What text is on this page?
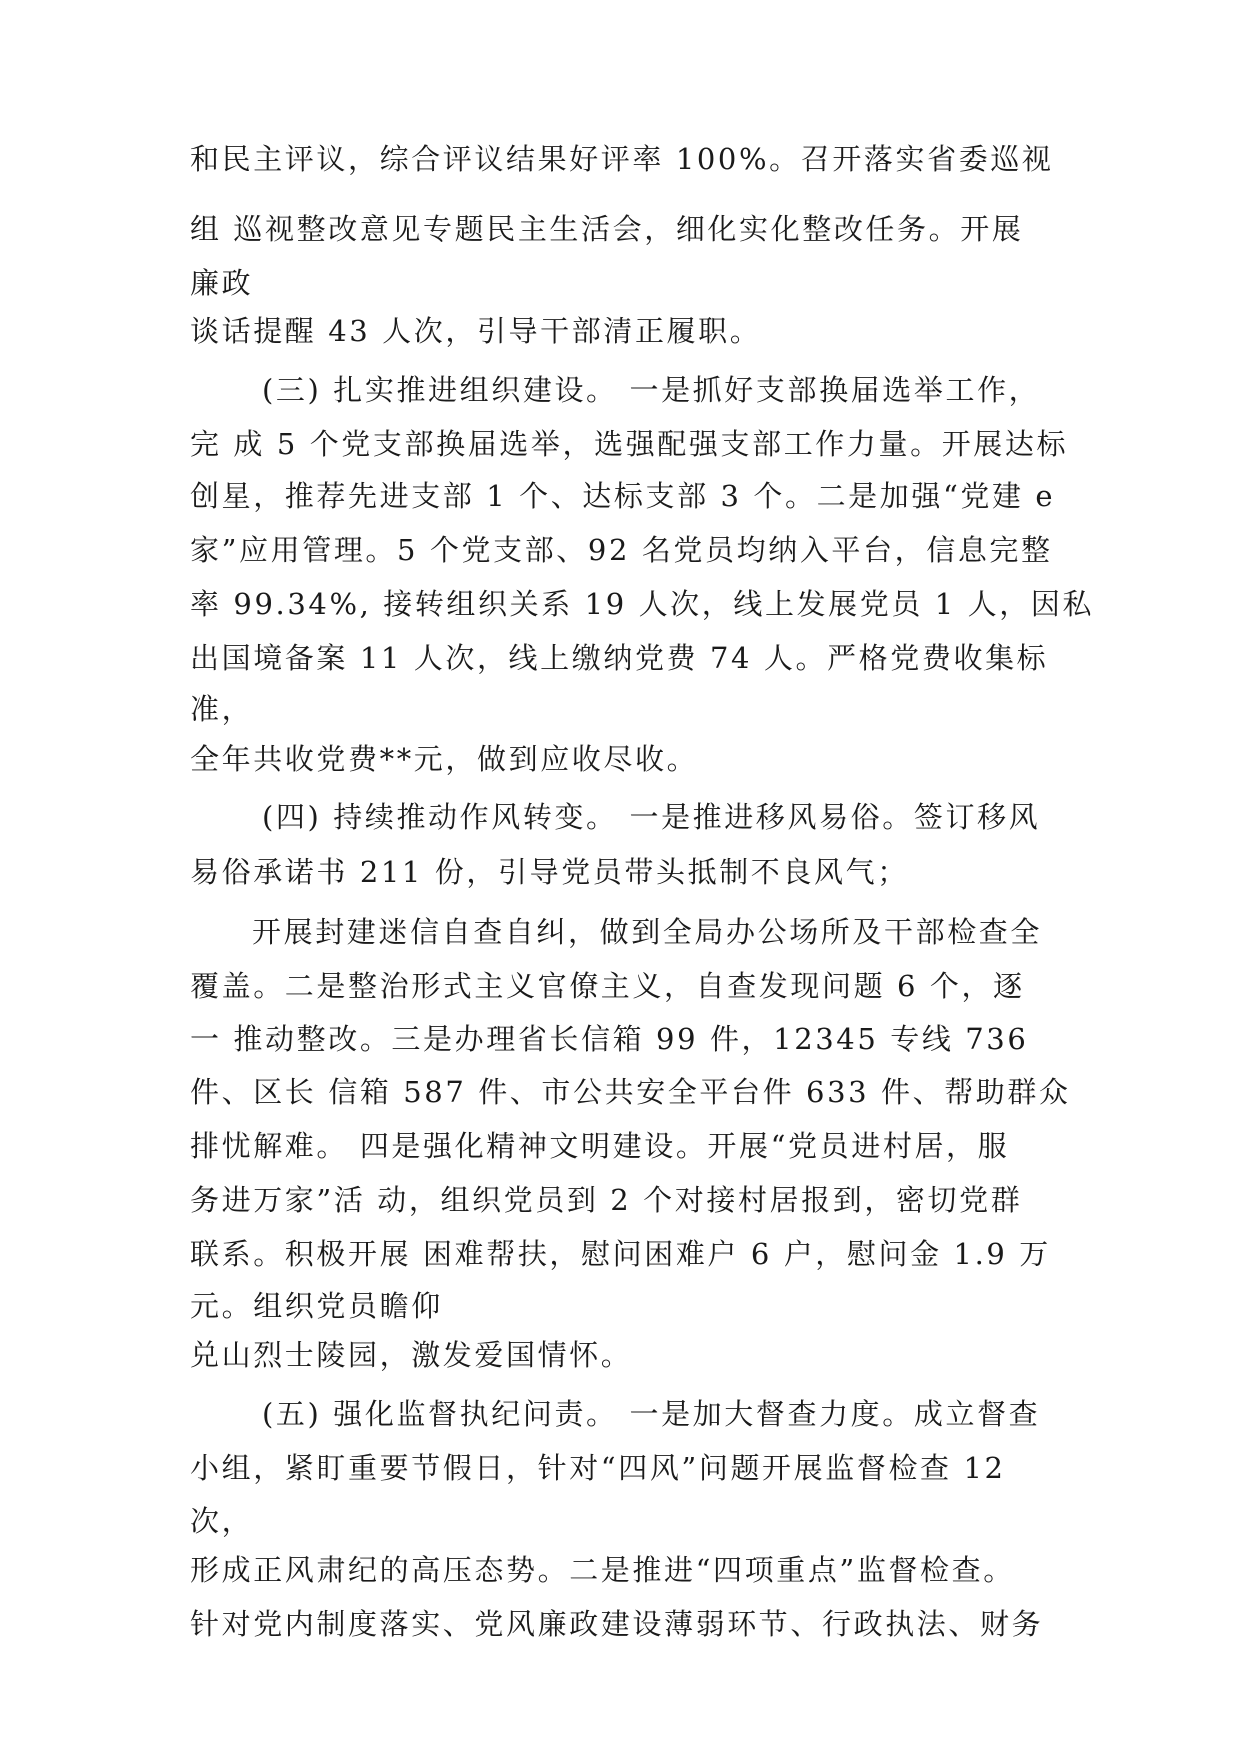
和民主评议，综合评议结果好评率 100%。召开落实省委巡视
组 巡视整改意见专题民主生活会，细化实化整改任务。开展
廉政
谈话提醒 43 人次，引导干部清正履职。
(三) 扎实推进组织建设。 一是抓好支部换届选举工作，
完 成 5 个党支部换届选举，选强配强支部工作力量。开展达标
创星，推荐先进支部 1 个、达标支部 3 个。二是加强“党建 e
家”应用管理。5 个党支部、92 名党员均纳入平台，信息完整
率 99.34%, 接转组织关系 19 人次，线上发展党员 1 人，因私
出国境备案 11 人次，线上缴纳党费 74 人。严格党费收集标
准，
全年共收党费**元，做到应收尽收。
(四) 持续推动作风转变。 一是推进移风易俗。签订移风
易俗承诺书 211 份，引导党员带头抵制不良风气；
开展封建迷信自查自纠，做到全局办公场所及干部检查全
覆盖。二是整治形式主义官僚主义，自查发现问题 6 个，逐
一 推动整改。三是办理省长信箱 99 件，12345 专线 736
件、区长 信箱 587 件、市公共安全平台件 633 件、帮助群众
排忧解难。 四是强化精神文明建设。开展“党员进村居，服
务进万家”活 动，组织党员到 2 个对接村居报到，密切党群
联系。积极开展 困难帮扶，慰问困难户 6 户，慰问金 1.9 万
元。组织党员瞻仰
兑山烈士陵园，激发爱国情怀。
(五) 强化监督执纪问责。 一是加大督查力度。成立督查
小组，紧盯重要节假日，针对“四风”问题开展监督检查 12
次，
形成正风肃纪的高压态势。二是推进“四项重点”监督检查。
针对党内制度落实、党风廉政建设薄弱环节、行政执法、财务
